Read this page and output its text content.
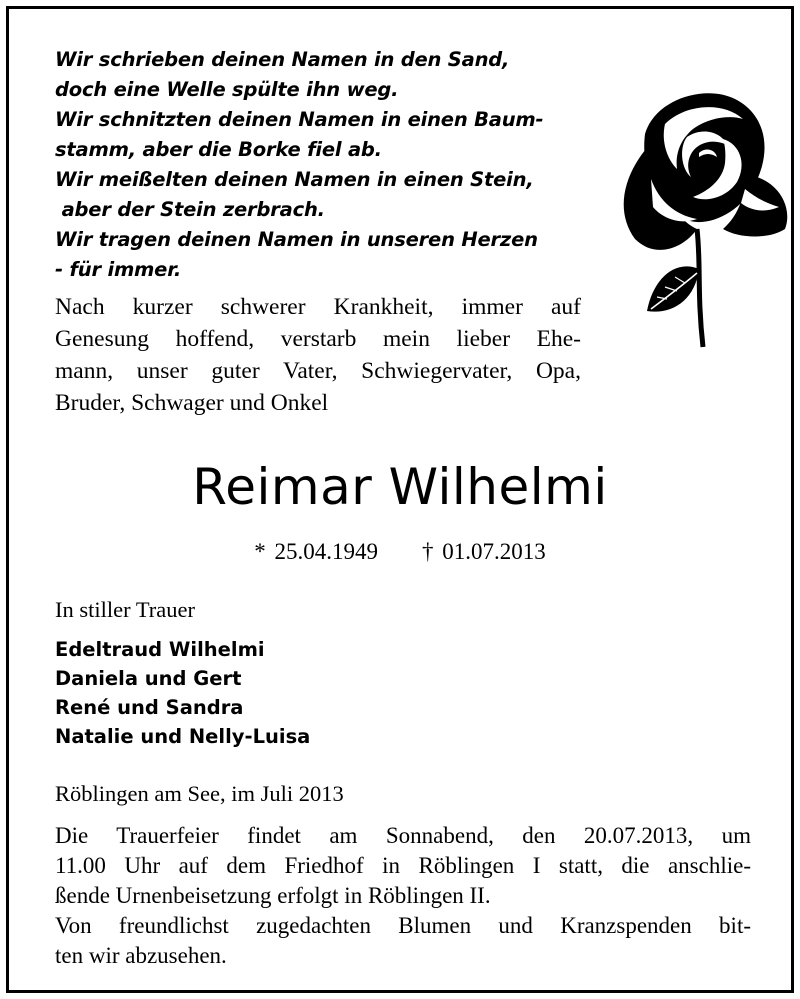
Wir schrieben deinen Namen in den Sand,
doch eine Welle spülte ihn weg.
Wir schnitzten deinen Namen in einen Baum-
stamm, aber die Borke fiel ab.
Wir meißelten deinen Namen in einen Stein,
aber der Stein zerbrach.
Wir tragen deinen Namen in unseren Herzen
- für immer.
Nach kurzer schwerer Krankheit, immer auf
Genesung hoffend, verstarb mein lieber Ehe-
mann, unser guter Vater, Schwiegervater, Opa,
Bruder, Schwager und Onkel
Reimar Wilhelmi
* 25.04.1949 † 01.07.2013
In stiller Trauer
Edeltraud Wilhelmi
Daniela und Gert
René und Sandra
Natalie und Nelly-Luisa
Röblingen am See, im Juli 2013
Die Trauerfeier findet am Sonnabend, den 20.07.2013, um
11.00 Uhr auf dem Friedhof in Röblingen I statt, die anschlie-
ßende Urnenbeisetzung erfolgt in Röblingen II.
Von freundlichst zugedachten Blumen und Kranzspenden bit-
ten wir abzusehen.
